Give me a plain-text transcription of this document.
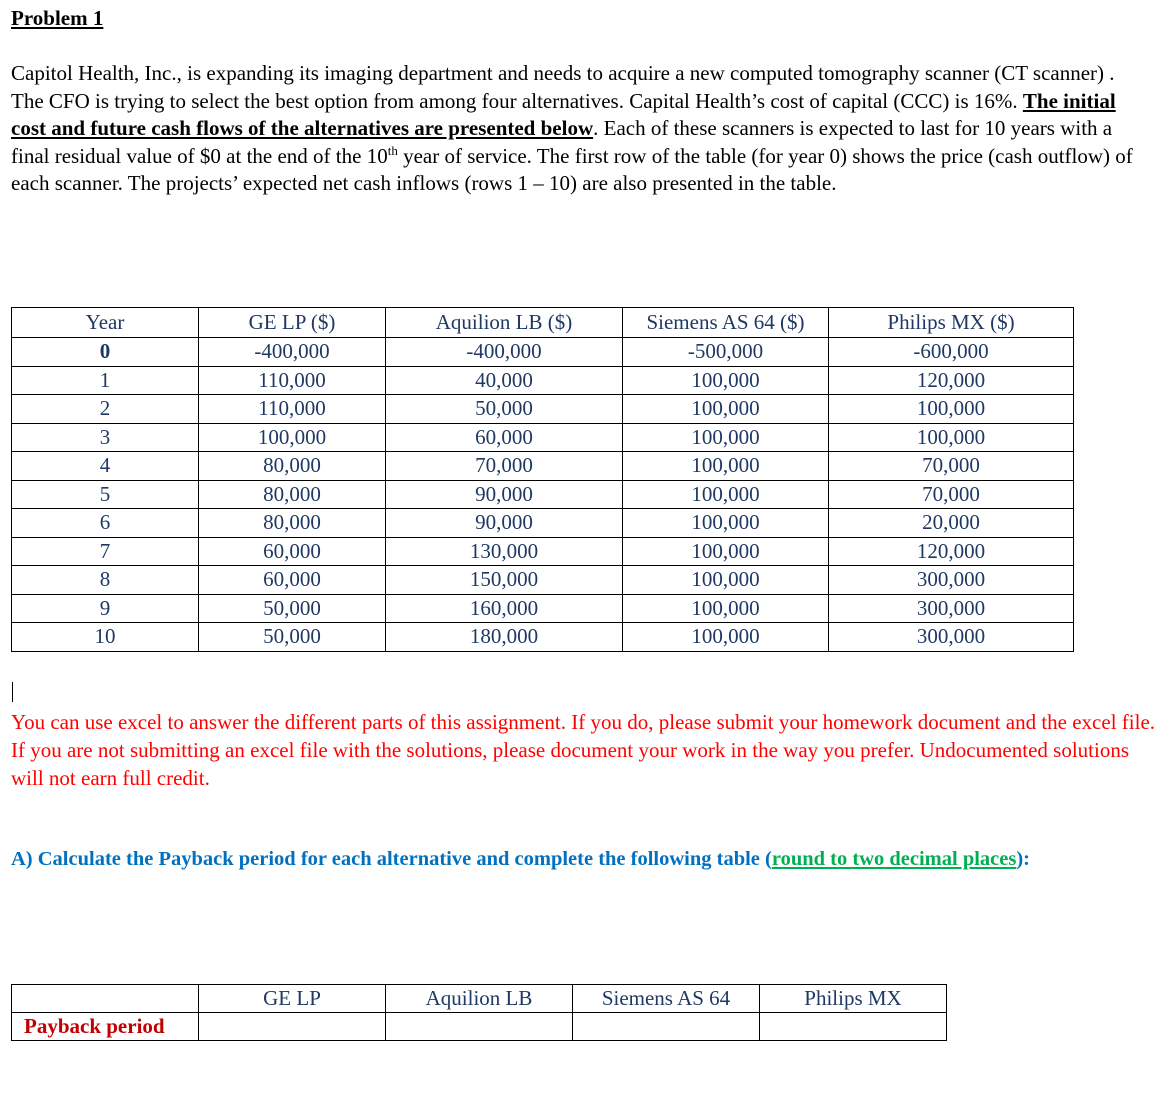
Problem 1
Capitol Health, Inc., is expanding its imaging department and needs to acquire a new computed tomography scanner (CT scanner) . The CFO is trying to select the best option from among four alternatives. Capital Health’s cost of capital (CCC) is 16%. The initial cost and future cash flows of the alternatives are presented below. Each of these scanners is expected to last for 10 years with a final residual value of $0 at the end of the 10th year of service. The first row of the table (for year 0) shows the price (cash outflow) of each scanner. The projects’ expected net cash inflows (rows 1 – 10) are also presented in the table.
Year	GE LP ($)	Aquilion LB ($)	Siemens AS 64 ($)	Philips MX ($)
0	-400,000	-400,000	-500,000	-600,000
1	110,000	40,000	100,000	120,000
2	110,000	50,000	100,000	100,000
3	100,000	60,000	100,000	100,000
4	80,000	70,000	100,000	70,000
5	80,000	90,000	100,000	70,000
6	80,000	90,000	100,000	20,000
7	60,000	130,000	100,000	120,000
8	60,000	150,000	100,000	300,000
9	50,000	160,000	100,000	300,000
10	50,000	180,000	100,000	300,000
You can use excel to answer the different parts of this assignment. If you do, please submit your homework document and the excel file. If you are not submitting an excel file with the solutions, please document your work in the way you prefer. Undocumented solutions will not earn full credit.
A) Calculate the Payback period for each alternative and complete the following table (round to two decimal places):
	GE LP	Aquilion LB	Siemens AS 64	Philips MX
Payback period				
